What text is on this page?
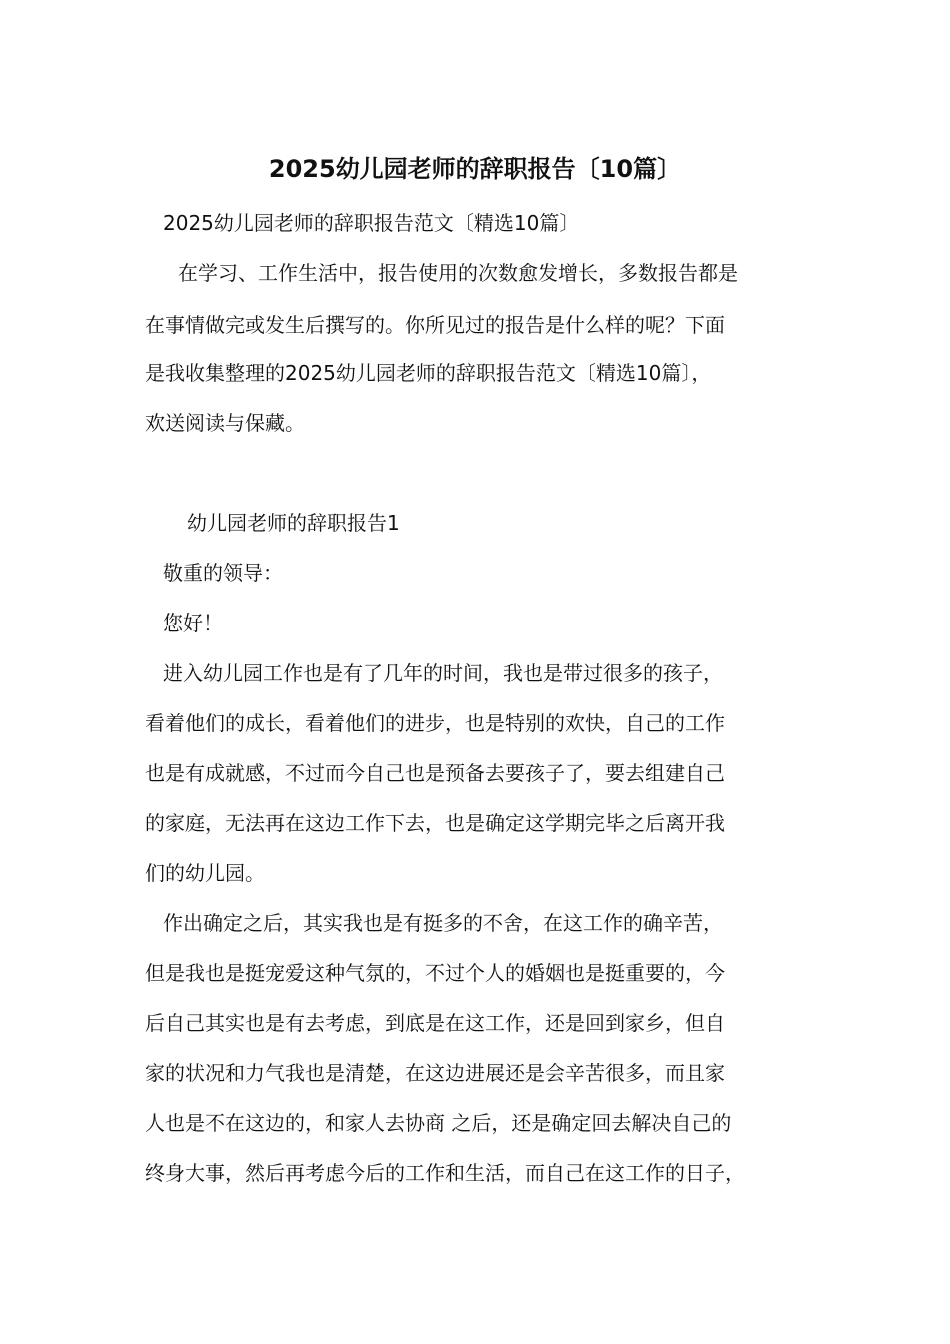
2025幼儿园老师的辞职报告〔10篇〕
2025幼儿园老师的辞职报告范文〔精选10篇〕
在学习、工作生活中，报告使用的次数愈发增长，多数报告都是
在事情做完或发生后撰写的。你所见过的报告是什么样的呢？下面
是我收集整理的2025幼儿园老师的辞职报告范文〔精选10篇〕，
欢送阅读与保藏。
幼儿园老师的辞职报告1
敬重的领导：
您好！
进入幼儿园工作也是有了几年的时间，我也是带过很多的孩子，
看着他们的成长，看着他们的进步，也是特别的欢快，自己的工作
也是有成就感，不过而今自己也是预备去要孩子了，要去组建自己
的家庭，无法再在这边工作下去，也是确定这学期完毕之后离开我
们的幼儿园。
作出确定之后，其实我也是有挺多的不舍，在这工作的确辛苦，
但是我也是挺宠爱这种气氛的，不过个人的婚姻也是挺重要的，今
后自己其实也是有去考虑，到底是在这工作，还是回到家乡，但自
家的状况和力气我也是清楚，在这边进展还是会辛苦很多，而且家
人也是不在这边的，和家人去协商 之后，还是确定回去解决自己的
终身大事，然后再考虑今后的工作和生活，而自己在这工作的日子，
